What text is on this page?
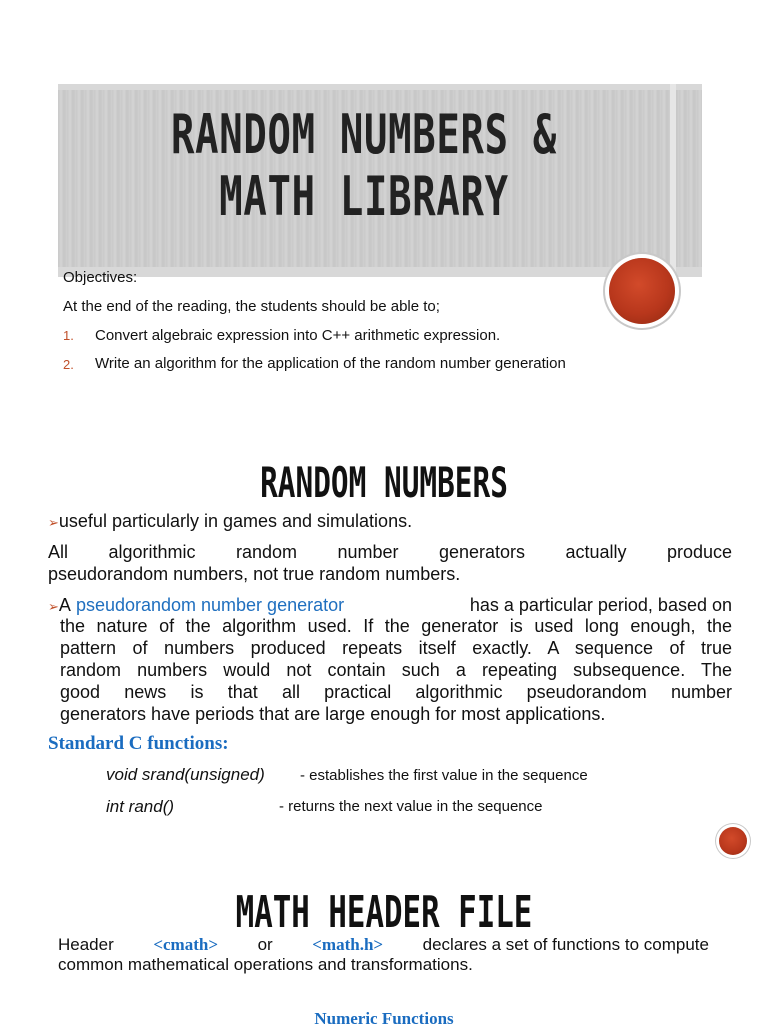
RANDOM NUMBERS &
MATH LIBRARY
Objectives:
At the end of the reading, the students should be able to;
1. Convert algebraic expression into C++ arithmetic expression.
2. Write an algorithm for the application of the random number generation
RANDOM NUMBERS
➢useful particularly in games and simulations.
All algorithmic random number generators actually produce
pseudorandom numbers, not true random numbers.
➢A pseudorandom number generator	has a particular period, based on
the nature of the algorithm used. If the generator is used long enough, the
pattern of numbers produced repeats itself exactly. A sequence of true
random numbers would not contain such a repeating subsequence. The
good news is that all practical algorithmic pseudorandom number
generators have periods that are large enough for most applications.
Standard C functions:
void srand(unsigned) - establishes the first value in the sequence
int rand()	- returns the next value in the sequence
MATH HEADER FILE
Header <cmath> or <math.h> declares a set of functions to compute
common mathematical operations and transformations.
Numeric Functions
